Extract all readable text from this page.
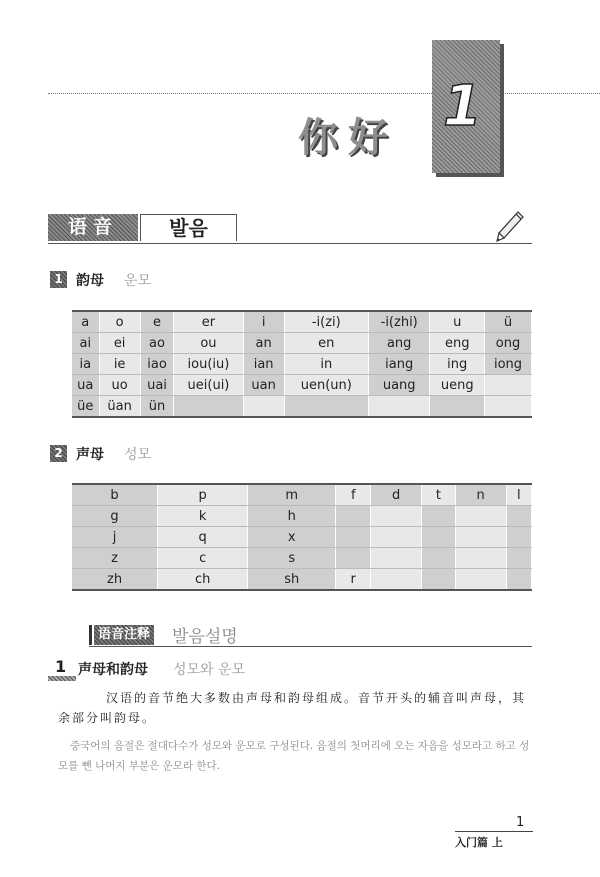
1
你好
语音	발음
1 韵母 운모
a	o	e	er	i	-i(zi)	-i(zhi)	u	ü
ai	ei	ao	ou	an	en	ang	eng	ong
ia	ie	iao	iou(iu)	ian	in	iang	ing	iong
ua	uo	uai	uei(ui)	uan	uen(un)	uang	ueng	
üe	üan	ün						
2 声母 성모
b	p	m	f	d	t	n	l
g	k	h					
j	q	x					
z	c	s					
zh	ch	sh	r				
语音注释 발음설명
1 声母和韵母 성모와 운모
汉语的音节绝大多数由声母和韵母组成。音节开头的辅音叫声母，其余部分叫韵母。
중국어의 음절은 절대다수가 성모와 운모로 구성된다. 음절의 첫머리에 오는 자음을 성모라고 하고 성모를 뺀 나머지 부분은 운모라 한다.
1
入门篇 上
